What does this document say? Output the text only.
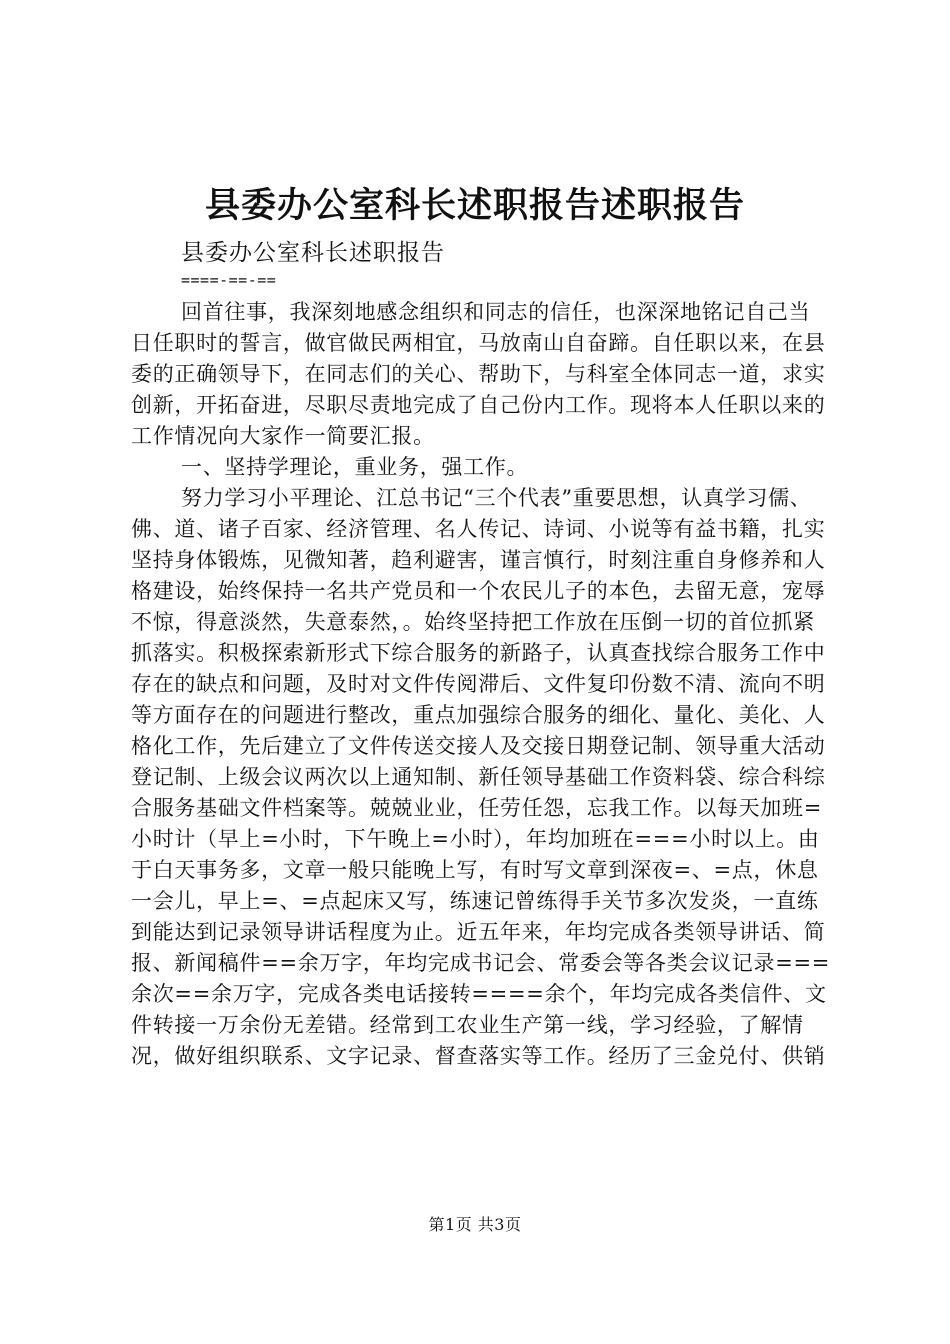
县委办公室科长述职报告述职报告

县委办公室科长述职报告

====-==-==

回首往事，我深刻地感念组织和同志的信任，也深深地铭记自己当日任职时的誓言，做官做民两相宜，马放南山自奋蹄。自任职以来，在县委的正确领导下，在同志们的关心、帮助下，与科室全体同志一道，求实创新，开拓奋进，尽职尽责地完成了自己份内工作。现将本人任职以来的工作情况向大家作一简要汇报。

一、坚持学理论，重业务，强工作。

努力学习小平理论、江总书记“三个代表”重要思想，认真学习儒、佛、道、诸子百家、经济管理、名人传记、诗词、小说等有益书籍，扎实坚持身体锻炼，见微知著，趋利避害，谨言慎行，时刻注重自身修养和人格建设，始终保持一名共产党员和一个农民儿子的本色，去留无意，宠辱不惊，得意淡然，失意泰然，。始终坚持把工作放在压倒一切的首位抓紧抓落实。积极探索新形式下综合服务的新路子，认真查找综合服务工作中存在的缺点和问题，及时对文件传阅滞后、文件复印份数不清、流向不明等方面存在的问题进行整改，重点加强综合服务的细化、量化、美化、人格化工作，先后建立了文件传送交接人及交接日期登记制、领导重大活动登记制、上级会议两次以上通知制、新任领导基础工作资料袋、综合科综合服务基础文件档案等。兢兢业业，任劳任怨，忘我工作。以每天加班=小时计（早上=小时，下午晚上=小时），年均加班在===小时以上。由于白天事务多，文章一般只能晚上写，有时写文章到深夜=、=点，休息一会儿，早上=、=点起床又写，练速记曾练得手关节多次发炎，一直练到能达到记录领导讲话程度为止。近五年来，年均完成各类领导讲话、简报、新闻稿件==余万字，年均完成书记会、常委会等各类会议记录===余次==余万字，完成各类电话接转====余个，年均完成各类信件、文件转接一万余份无差错。经常到工农业生产第一线，学习经验，了解情况，做好组织联系、文字记录、督查落实等工作。经历了三金兑付、供销

第1页 共3页
